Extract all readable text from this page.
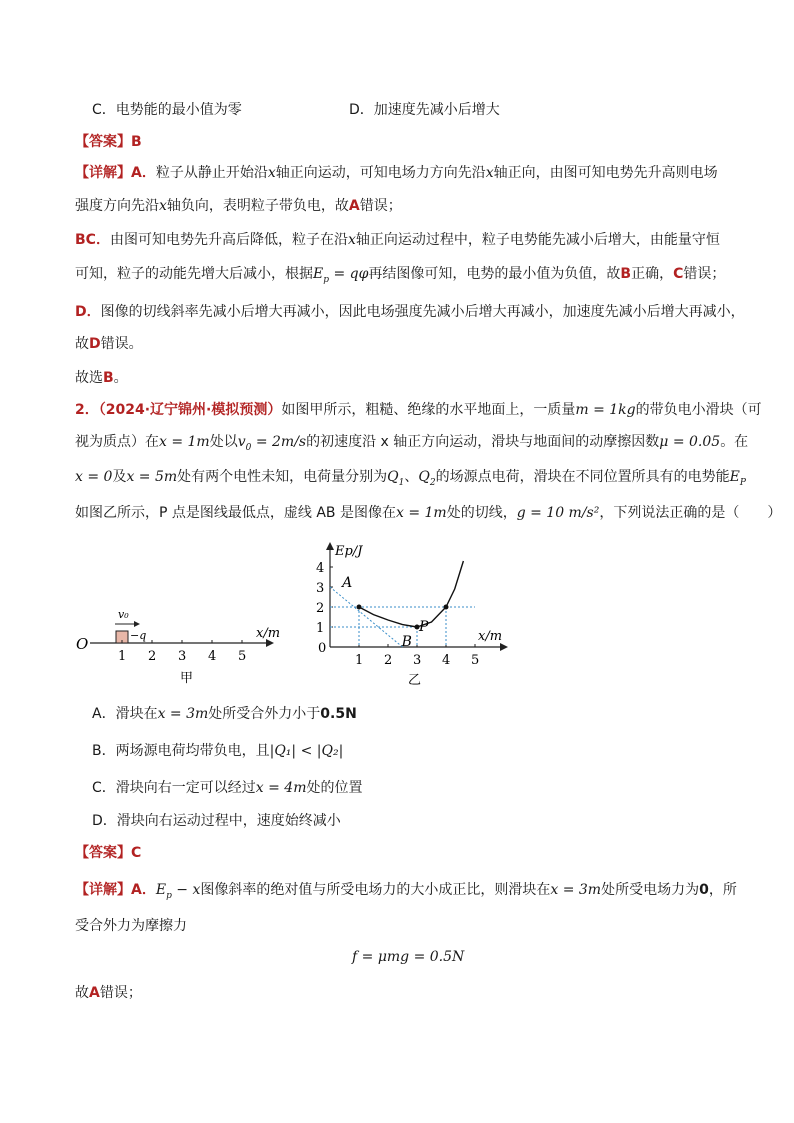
C．电势能的最小值为零	D．加速度先减小后增大
【答案】B
【详解】A．粒子从静止开始沿x轴正向运动，可知电场力方向先沿x轴正向，由图可知电势先升高则电场
强度方向先沿x轴负向，表明粒子带负电，故A错误；
BC．由图可知电势先升高后降低，粒子在沿x轴正向运动过程中，粒子电势能先减小后增大，由能量守恒
可知，粒子的动能先增大后减小，根据$E_p = q\varphi$再结图像可知，电势的最小值为负值，故B正确，C错误；
D．图像的切线斜率先减小后增大再减小，因此电场强度先减小后增大再减小，加速度先减小后增大再减小，
故D错误。
故选B。
2．（2024·辽宁锦州·模拟预测）如图甲所示，粗糙、绝缘的水平地面上，一质量m = 1kg的带负电小滑块（可
视为质点）在x = 1m处以$v_0 = 2m/s$的初速度沿 x 轴正方向运动，滑块与地面间的动摩擦因数μ = 0.05。在
x = 0及x = 5m处有两个电性未知，电荷量分别为$Q_1$、$Q_2$的场源点电荷，滑块在不同位置所具有的电势能$E_P$
如图乙所示，P 点是图线最低点，虚线 AB 是图像在x = 1m处的切线，g = 10 m/s²，下列说法正确的是（　　）
O	−q
v₀
x/m
1 2 3 4 5
甲
Ep/J
x/m
0
1 2 3 4 5
1
2
3
4
A
B
P
乙
A．滑块在x = 3m处所受合外力小于0.5N
B．两场源电荷均带负电，且|Q₁| < |Q₂|
C．滑块向右一定可以经过x = 4m处的位置
D．滑块向右运动过程中，速度始终减小
【答案】C
【详解】A．$E_p - x$图像斜率的绝对值与所受电场力的大小成正比，则滑块在x = 3m处所受电场力为0，所
受合外力为摩擦力
f = μmg = 0.5N
故A错误；
